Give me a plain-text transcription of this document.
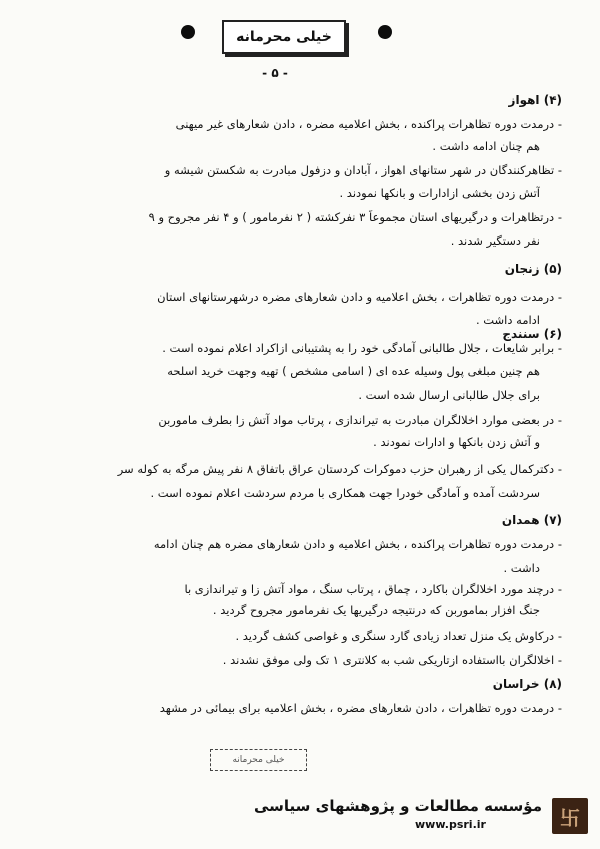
خیلی محرمانه
- ۵ -
(۴) اهواز
- درمدت دوره تظاهرات پراکنده ، بخش اعلامیه مضره ، دادن شعارهای غیر میهنی
هم چنان ادامه داشت .
- تظاهرکنندگان در شهر ستانهای اهواز ، آبادان و دزفول مبادرت به شکستن شیشه و
آتش زدن بخشی ازادارات و بانکها نمودند .
- درتظاهرات و درگیریهای استان مجموعاً ۳ نفرکشته ( ۲ نفرمامور ) و ۴ نفر مجروح و ۹
نفر دستگیر شدند .
(۵) زنجان
- درمدت دوره تظاهرات ، بخش اعلامیه و دادن شعارهای مضره درشهرستانهای استان
ادامه داشت .
(۶) سنندج
- برابر شایعات ، جلال طالبانی آمادگی خود را به پشتیبانی ازاکراد اعلام نموده است .
هم چنین مبلغی پول وسیله عده ای ( اسامی مشخص ) تهیه وجهت خرید اسلحه
برای جلال طالبانی ارسال شده است .
- در بعضی موارد اخلالگران مبادرت به تیراندازی ، پرتاب مواد آتش زا بطرف ماموربن
و آتش زدن بانکها و ادارات نمودند .
- دکترکمال یکی از رهبران حزب دموکرات کردستان عراق باتفاق ۸ نفر پیش مرگه به کوله سر
سردشت آمده و آمادگی خودرا جهت همکاری با مردم سردشت اعلام نموده است .
(۷) همدان
- درمدت دوره تظاهرات پراکنده ، بخش اعلامیه و دادن شعارهای مضره هم چنان ادامه
داشت .
- درچند مورد اخلالگران باکارد ، چماق ، پرتاب سنگ ، مواد آتش زا و تیراندازی با
جنگ افزار بماموربن که درنتیجه درگیریها یک نفرمامور مجروح گردید .
- درکاوش یک منزل تعداد زیادی گارد سنگری و غواصی کشف گردید .
- اخلالگران بااستفاده ازتاریکی شب به کلانتری ۱ تک ولی موفق نشدند .
(۸) خراسان
- درمدت دوره تظاهرات ، دادن شعارهای مضره ، بخش اعلامیه برای بیمائی در مشهد
خیلی محرمانه
卐
مؤسسه مطالعات و پژوهشهای سیاسی
www.psri.ir
